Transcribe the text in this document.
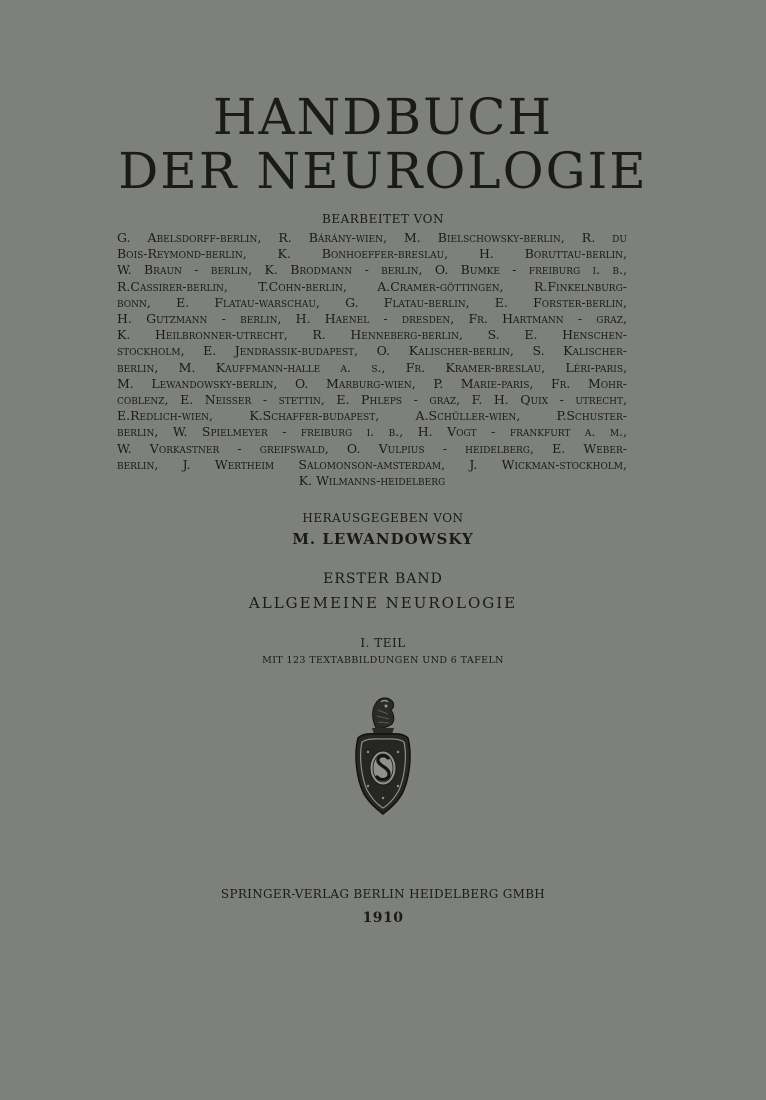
HANDBUCH
DER NEUROLOGIE
BEARBEITET VON
G. Abelsdorff-berlin, R. Bárány-wien, M. Bielschowsky-berlin, R. du
Bois-Reymond-berlin, K. Bonhoeffer-breslau, H. Boruttau-berlin,
W. Braun - berlin, K. Brodmann - berlin, O. Bumke - freiburg i. b.,
R.Cassirer-berlin, T.Cohn-berlin, A.Cramer-göttingen, R.Finkelnburg-
bonn, E. Flatau-warschau, G. Flatau-berlin, E. Forster-berlin,
H. Gutzmann - berlin, H. Haenel - dresden, Fr. Hartmann - graz,
K. Heilbronner-utrecht, R. Henneberg-berlin, S. E. Henschen-
stockholm, E. Jendrassik-budapest, O. Kalischer-berlin, S. Kalischer-
berlin, M. Kauffmann-halle a. s., Fr. Kramer-breslau, Léri-paris,
M. Lewandowsky-berlin, O. Marburg-wien, P. Marie-paris, Fr. Mohr-
coblenz, E. Neisser - stettin, E. Phleps - graz, F. H. Quix - utrecht,
E.Redlich-wien, K.Schaffer-budapest, A.Schüller-wien, P.Schuster-
berlin, W. Spielmeyer - freiburg i. b., H. Vogt - frankfurt a. m.,
W. Vorkastner - greifswald, O. Vulpius - heidelberg, E. Weber-
berlin, J. Wertheim Salomonson-amsterdam, J. Wickman-stockholm,
K. Wilmanns-heidelberg
HERAUSGEGEBEN VON
M. LEWANDOWSKY
ERSTER BAND
ALLGEMEINE NEUROLOGIE
I. TEIL
MIT 123 TEXTABBILDUNGEN UND 6 TAFELN
SPRINGER-VERLAG BERLIN HEIDELBERG GMBH
1910
